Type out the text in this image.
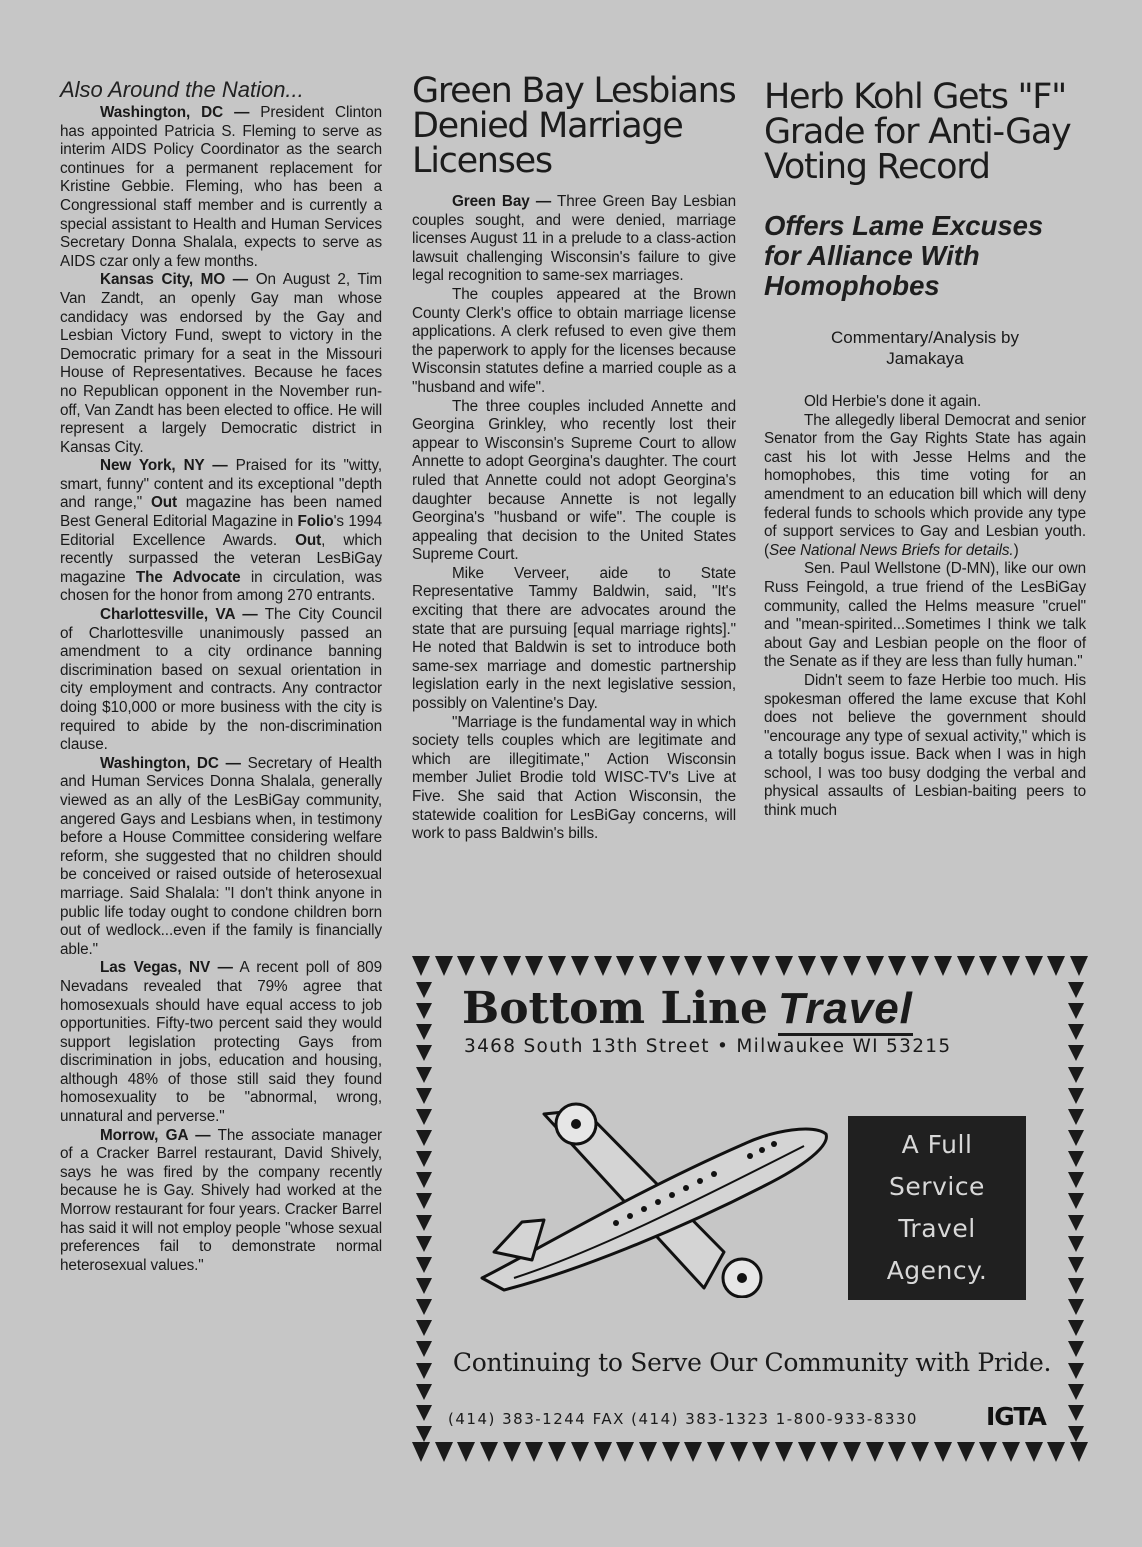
Also Around the Nation...

Washington, DC — President Clinton has appointed Patricia S. Fleming to serve as interim AIDS Policy Coordinator as the search continues for a permanent replacement for Kristine Gebbie. Fleming, who has been a Congressional staff member and is currently a special assistant to Health and Human Services Secretary Donna Shalala, expects to serve as AIDS czar only a few months.

Kansas City, MO — On August 2, Tim Van Zandt, an openly Gay man whose candidacy was endorsed by the Gay and Lesbian Victory Fund, swept to victory in the Democratic primary for a seat in the Missouri House of Representatives. Because he faces no Republican opponent in the November run-off, Van Zandt has been elected to office. He will represent a largely Democratic district in Kansas City.

New York, NY — Praised for its "witty, smart, funny" content and its exceptional "depth and range," Out magazine has been named Best General Editorial Magazine in Folio's 1994 Editorial Excellence Awards. Out, which recently surpassed the veteran LesBiGay magazine The Advocate in circulation, was chosen for the honor from among 270 entrants.

Charlottesville, VA — The City Council of Charlottesville unanimously passed an amendment to a city ordinance banning discrimination based on sexual orientation in city employment and contracts. Any contractor doing $10,000 or more business with the city is required to abide by the non-discrimination clause.

Washington, DC — Secretary of Health and Human Services Donna Shalala, generally viewed as an ally of the LesBiGay community, angered Gays and Lesbians when, in testimony before a House Committee considering welfare reform, she suggested that no children should be conceived or raised outside of heterosexual marriage. Said Shalala: "I don't think anyone in public life today ought to condone children born out of wedlock...even if the family is financially able."

Las Vegas, NV — A recent poll of 809 Nevadans revealed that 79% agree that homosexuals should have equal access to job opportunities. Fifty-two percent said they would support legislation protecting Gays from discrimination in jobs, education and housing, although 48% of those still said they found homosexuality to be "abnormal, wrong, unnatural and perverse."

Morrow, GA — The associate manager of a Cracker Barrel restaurant, David Shively, says he was fired by the company recently because he is Gay. Shively had worked at the Morrow restaurant for four years. Cracker Barrel has said it will not employ people "whose sexual preferences fail to demonstrate normal heterosexual values."

Green Bay Lesbians Denied Marriage Licenses

Green Bay — Three Green Bay Lesbian couples sought, and were denied, marriage licenses August 11 in a prelude to a class-action lawsuit challenging Wisconsin's failure to give legal recognition to same-sex marriages.

The couples appeared at the Brown County Clerk's office to obtain marriage license applications. A clerk refused to even give them the paperwork to apply for the licenses because Wisconsin statutes define a married couple as a "husband and wife".

The three couples included Annette and Georgina Grinkley, who recently lost their appear to Wisconsin's Supreme Court to allow Annette to adopt Georgina's daughter. The court ruled that Annette could not adopt Georgina's daughter because Annette is not legally Georgina's "husband or wife". The couple is appealing that decision to the United States Supreme Court.

Mike Verveer, aide to State Representative Tammy Baldwin, said, "It's exciting that there are advocates around the state that are pursuing [equal marriage rights]." He noted that Baldwin is set to introduce both same-sex marriage and domestic partnership legislation early in the next legislative session, possibly on Valentine's Day.

"Marriage is the fundamental way in which society tells couples which are legitimate and which are illegitimate," Action Wisconsin member Juliet Brodie told WISC-TV's Live at Five. She said that Action Wisconsin, the statewide coalition for LesBiGay concerns, will work to pass Baldwin's bills.

Herb Kohl Gets "F" Grade for Anti-Gay Voting Record
Offers Lame Excuses for Alliance With Homophobes
Commentary/Analysis by
Jamakaya

Old Herbie's done it again.

The allegedly liberal Democrat and senior Senator from the Gay Rights State has again cast his lot with Jesse Helms and the homophobes, this time voting for an amendment to an education bill which will deny federal funds to schools which provide any type of support services to Gay and Lesbian youth. (See National News Briefs for details.)

Sen. Paul Wellstone (D-MN), like our own Russ Feingold, a true friend of the LesBiGay community, called the Helms measure "cruel" and "mean-spirited...Sometimes I think we talk about Gay and Lesbian people on the floor of the Senate as if they are less than fully human."

Didn't seem to faze Herbie too much. His spokesman offered the lame excuse that Kohl does not believe the government should "encourage any type of sexual activity," which is a totally bogus issue. Back when I was in high school, I was too busy dodging the verbal and physical assaults of Lesbian-baiting peers to think much

Bottom Line Travel
3468 South 13th Street • Milwaukee WI 53215
A Full
Service
Travel
Agency.
Continuing to Serve Our Community with Pride.
(414) 383-1244 FAX (414) 383-1323 1-800-933-8330	IGTA
